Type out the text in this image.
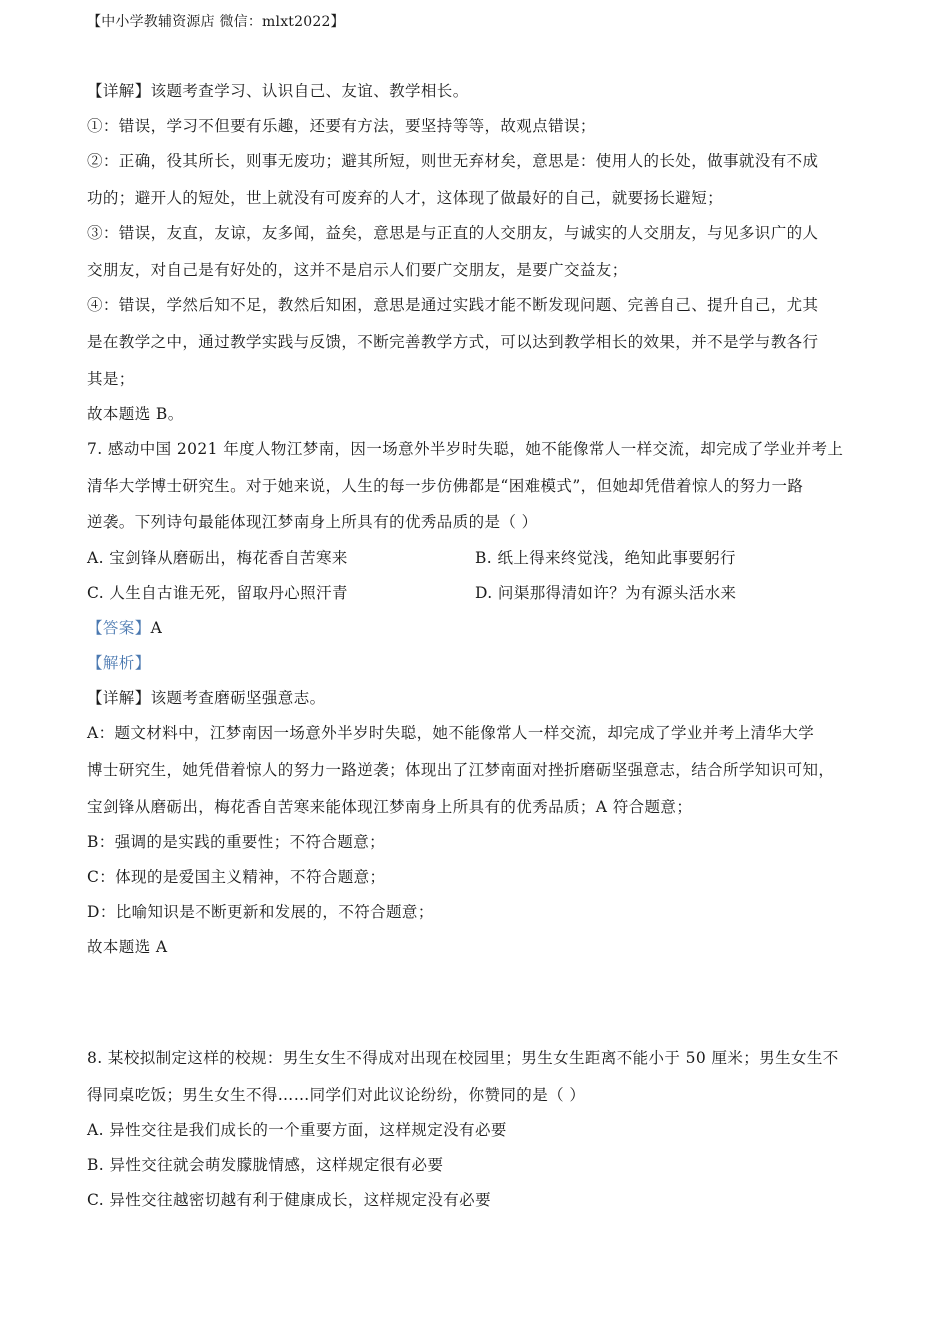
【中小学教辅资源店 微信：mlxt2022】
【详解】该题考查学习、认识自己、友谊、教学相长。
①：错误，学习不但要有乐趣，还要有方法，要坚持等等，故观点错误；
②：正确，役其所长，则事无废功；避其所短，则世无弃材矣，意思是：使用人的长处，做事就没有不成
功的；避开人的短处，世上就没有可废弃的人才，这体现了做最好的自己，就要扬长避短；
③：错误，友直，友谅，友多闻，益矣，意思是与正直的人交朋友，与诚实的人交朋友，与见多识广的人
交朋友，对自己是有好处的，这并不是启示人们要广交朋友，是要广交益友；
④：错误，学然后知不足，教然后知困，意思是通过实践才能不断发现问题、完善自己、提升自己，尤其
是在教学之中，通过教学实践与反馈，不断完善教学方式，可以达到教学相长的效果，并不是学与教各行
其是；
故本题选 B。
7. 感动中国 2021 年度人物江梦南，因一场意外半岁时失聪，她不能像常人一样交流，却完成了学业并考上
清华大学博士研究生。对于她来说，人生的每一步仿佛都是“困难模式”，但她却凭借着惊人的努力一路
逆袭。下列诗句最能体现江梦南身上所具有的优秀品质的是（ ）
A. 宝剑锋从磨砺出，梅花香自苦寒来	B. 纸上得来终觉浅，绝知此事要躬行
C. 人生自古谁无死，留取丹心照汗青	D. 问渠那得清如许？为有源头活水来
【答案】A
【解析】
【详解】该题考查磨砺坚强意志。
A：题文材料中，江梦南因一场意外半岁时失聪，她不能像常人一样交流，却完成了学业并考上清华大学
博士研究生，她凭借着惊人的努力一路逆袭；体现出了江梦南面对挫折磨砺坚强意志，结合所学知识可知，
宝剑锋从磨砺出，梅花香自苦寒来能体现江梦南身上所具有的优秀品质；A 符合题意；
B：强调的是实践的重要性；不符合题意；
C：体现的是爱国主义精神，不符合题意；
D：比喻知识是不断更新和发展的，不符合题意；
故本题选 A
8. 某校拟制定这样的校规：男生女生不得成对出现在校园里；男生女生距离不能小于 50 厘米；男生女生不
得同桌吃饭；男生女生不得……同学们对此议论纷纷，你赞同的是（ ）
A. 异性交往是我们成长的一个重要方面，这样规定没有必要
B. 异性交往就会萌发朦胧情感，这样规定很有必要
C. 异性交往越密切越有利于健康成长，这样规定没有必要
